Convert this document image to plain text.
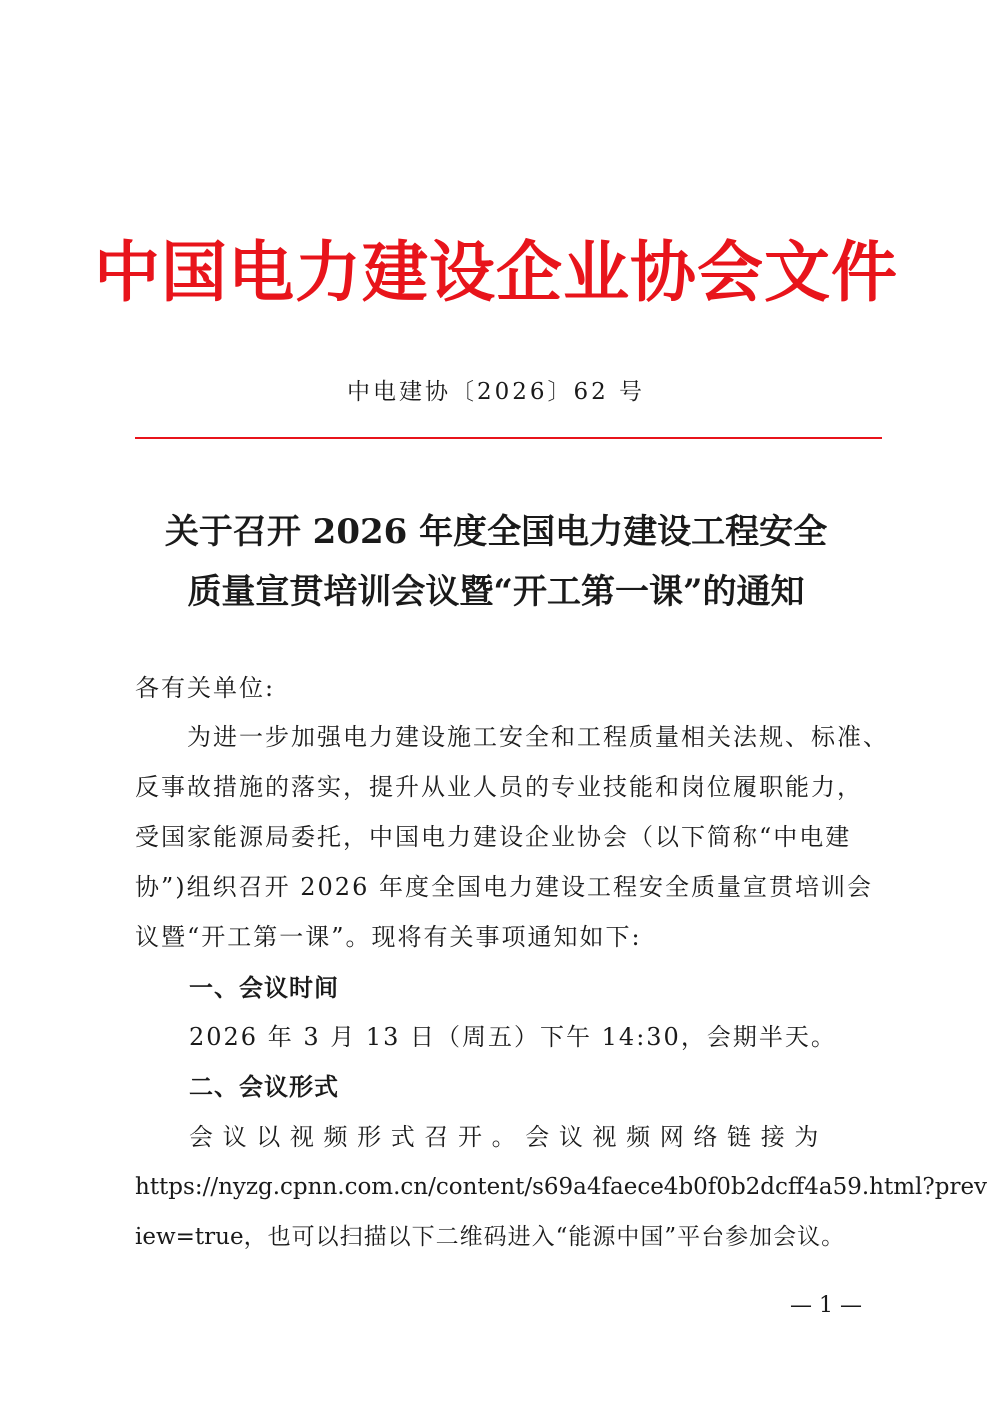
中国电力建设企业协会文件
中电建协〔2026〕62 号
关于召开 2026 年度全国电力建设工程安全
质量宣贯培训会议暨“开工第一课”的通知
各有关单位:
　　为进一步加强电力建设施工安全和工程质量相关法规、标准、
反事故措施的落实，提升从业人员的专业技能和岗位履职能力，
受国家能源局委托，中国电力建设企业协会（以下简称“中电建
协”)组织召开 2026 年度全国电力建设工程安全质量宣贯培训会
议暨“开工第一课”。现将有关事项通知如下:
一、会议时间
2026 年 3 月 13 日（周五）下午 14:30，会期半天。
二、会议形式
会 议 以 视 频 形 式 召 开 。 会 议 视 频 网 络 链 接 为
https://nyzg.cpnn.com.cn/content/s69a4faece4b0f0b2dcff4a59.html?prev
iew=true，也可以扫描以下二维码进入“能源中国”平台参加会议。
— 1 —
